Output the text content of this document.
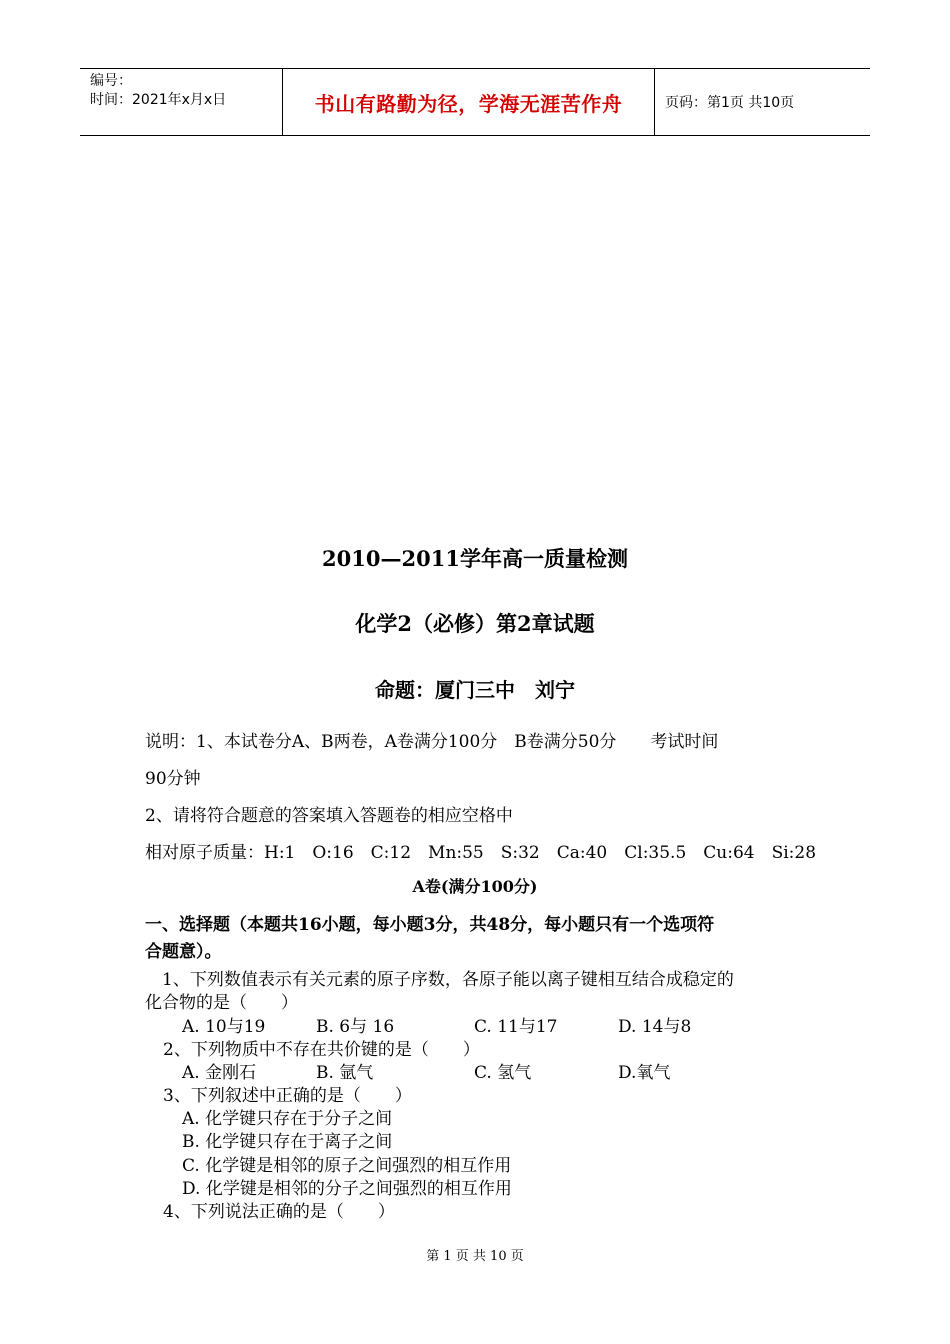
编号：
时间：2021年x月x日	书山有路勤为径，学海无涯苦作舟	页码：第1页 共10页
2010—2011学年高一质量检测
化学2（必修）第2章试题
命题：厦门三中　刘宁
说明：1、本试卷分A、B两卷，A卷满分100分　B卷满分50分　　考试时间
90分钟
2、请将符合题意的答案填入答题卷的相应空格中
相对原子质量：H:1　O:16　C:12　Mn:55　S:32　Ca:40　Cl:35.5　Cu:64　Si:28
A卷(满分100分)
一、选择题（本题共16小题，每小题3分，共48分，每小题只有一个选项符
合题意）。
　1、下列数值表示有关元素的原子序数，各原子能以离子键相互结合成稳定的
化合物的是（　　）
A. 10与19	B. 6与 16	C. 11与17	D. 14与8
2、下列物质中不存在共价键的是（　　）
A. 金刚石	B. 氩气	C. 氢气	D.氧气
3、下列叙述中正确的是（　　）
A. 化学键只存在于分子之间
B. 化学键只存在于离子之间
C. 化学键是相邻的原子之间强烈的相互作用
D. 化学键是相邻的分子之间强烈的相互作用
4、下列说法正确的是（　　）
第 1 页 共 10 页
